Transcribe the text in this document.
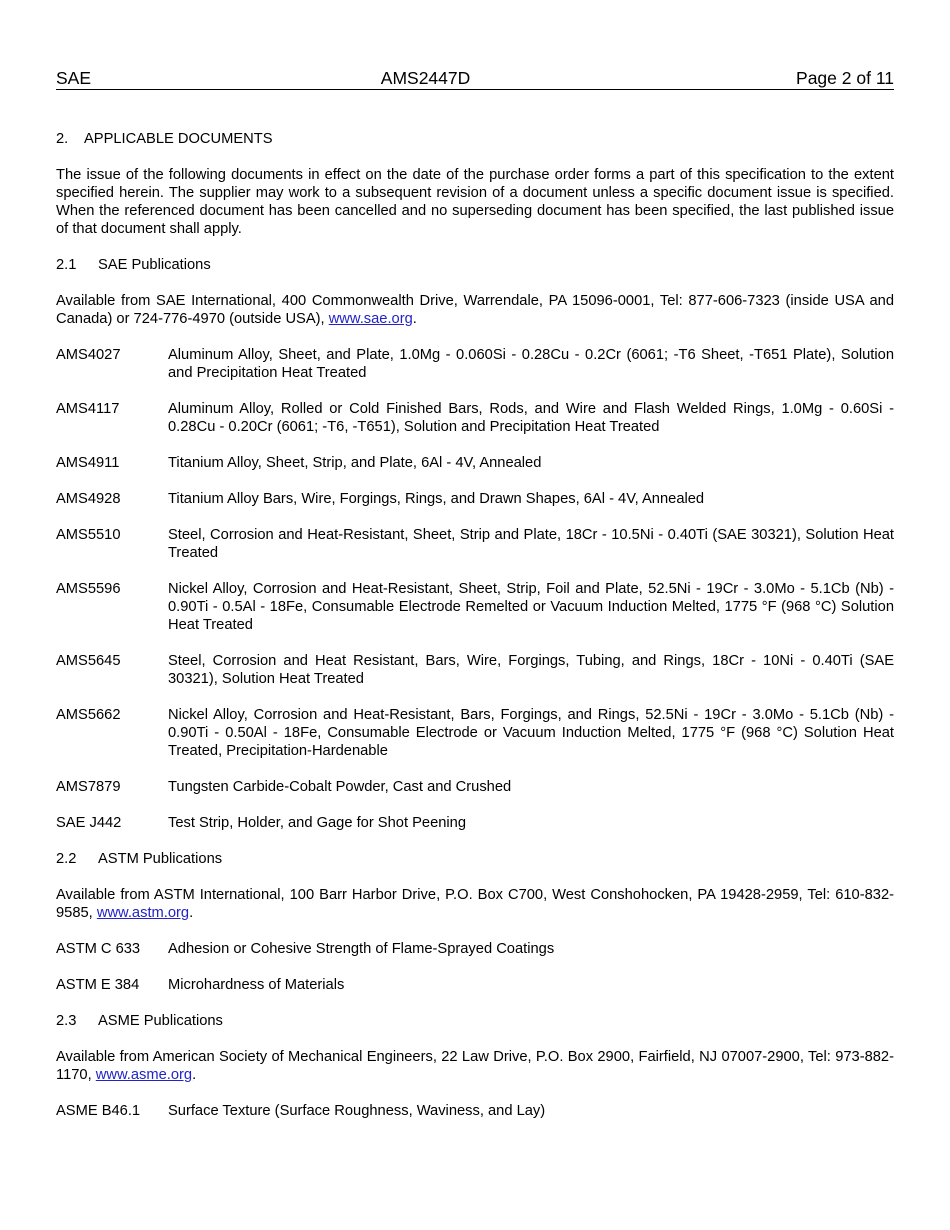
SAE	AMS2447D	Page 2 of 11
2. APPLICABLE DOCUMENTS
The issue of the following documents in effect on the date of the purchase order forms a part of this specification to the extent specified herein. The supplier may work to a subsequent revision of a document unless a specific document issue is specified. When the referenced document has been cancelled and no superseding document has been specified, the last published issue of that document shall apply.
2.1 SAE Publications
Available from SAE International, 400 Commonwealth Drive, Warrendale, PA 15096-0001, Tel: 877-606-7323 (inside USA and Canada) or 724-776-4970 (outside USA), www.sae.org.
AMS4027	Aluminum Alloy, Sheet, and Plate, 1.0Mg - 0.060Si - 0.28Cu - 0.2Cr (6061; -T6 Sheet, -T651 Plate), Solution and Precipitation Heat Treated
AMS4117	Aluminum Alloy, Rolled or Cold Finished Bars, Rods, and Wire and Flash Welded Rings, 1.0Mg - 0.60Si - 0.28Cu - 0.20Cr (6061; -T6, -T651), Solution and Precipitation Heat Treated
AMS4911	Titanium Alloy, Sheet, Strip, and Plate, 6Al - 4V, Annealed
AMS4928	Titanium Alloy Bars, Wire, Forgings, Rings, and Drawn Shapes, 6Al - 4V, Annealed
AMS5510	Steel, Corrosion and Heat-Resistant, Sheet, Strip and Plate, 18Cr - 10.5Ni - 0.40Ti (SAE 30321), Solution Heat Treated
AMS5596	Nickel Alloy, Corrosion and Heat-Resistant, Sheet, Strip, Foil and Plate, 52.5Ni - 19Cr - 3.0Mo - 5.1Cb (Nb) - 0.90Ti - 0.5Al - 18Fe, Consumable Electrode Remelted or Vacuum Induction Melted, 1775 °F (968 °C) Solution Heat Treated
AMS5645	Steel, Corrosion and Heat Resistant, Bars, Wire, Forgings, Tubing, and Rings, 18Cr - 10Ni - 0.40Ti (SAE 30321), Solution Heat Treated
AMS5662	Nickel Alloy, Corrosion and Heat-Resistant, Bars, Forgings, and Rings, 52.5Ni - 19Cr - 3.0Mo - 5.1Cb (Nb) - 0.90Ti - 0.50Al - 18Fe, Consumable Electrode or Vacuum Induction Melted, 1775 °F (968 °C) Solution Heat Treated, Precipitation-Hardenable
AMS7879	Tungsten Carbide-Cobalt Powder, Cast and Crushed
SAE J442	Test Strip, Holder, and Gage for Shot Peening
2.2 ASTM Publications
Available from ASTM International, 100 Barr Harbor Drive, P.O. Box C700, West Conshohocken, PA 19428-2959, Tel: 610-832-9585, www.astm.org.
ASTM C 633	Adhesion or Cohesive Strength of Flame-Sprayed Coatings
ASTM E 384	Microhardness of Materials
2.3 ASME Publications
Available from American Society of Mechanical Engineers, 22 Law Drive, P.O. Box 2900, Fairfield, NJ 07007-2900, Tel: 973-882-1170, www.asme.org.
ASME B46.1	Surface Texture (Surface Roughness, Waviness, and Lay)
